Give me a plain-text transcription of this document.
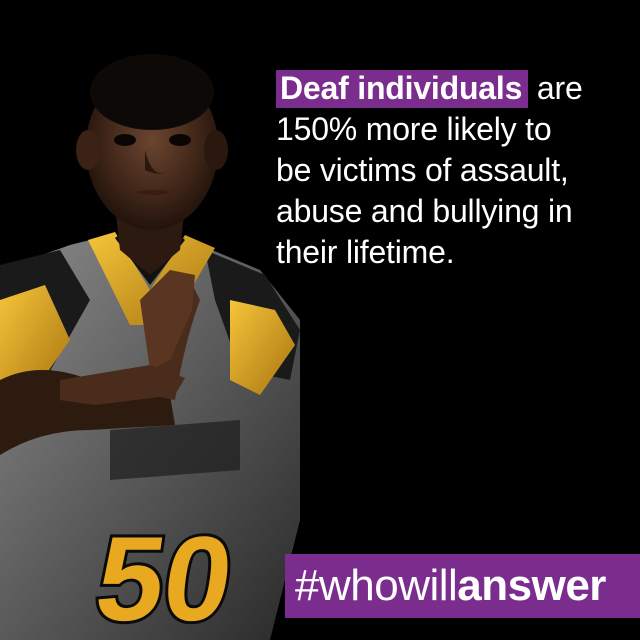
Deaf individuals are
150% more likely to
be victims of assault,
abuse and bullying in
their lifetime.
#whowillanswer
